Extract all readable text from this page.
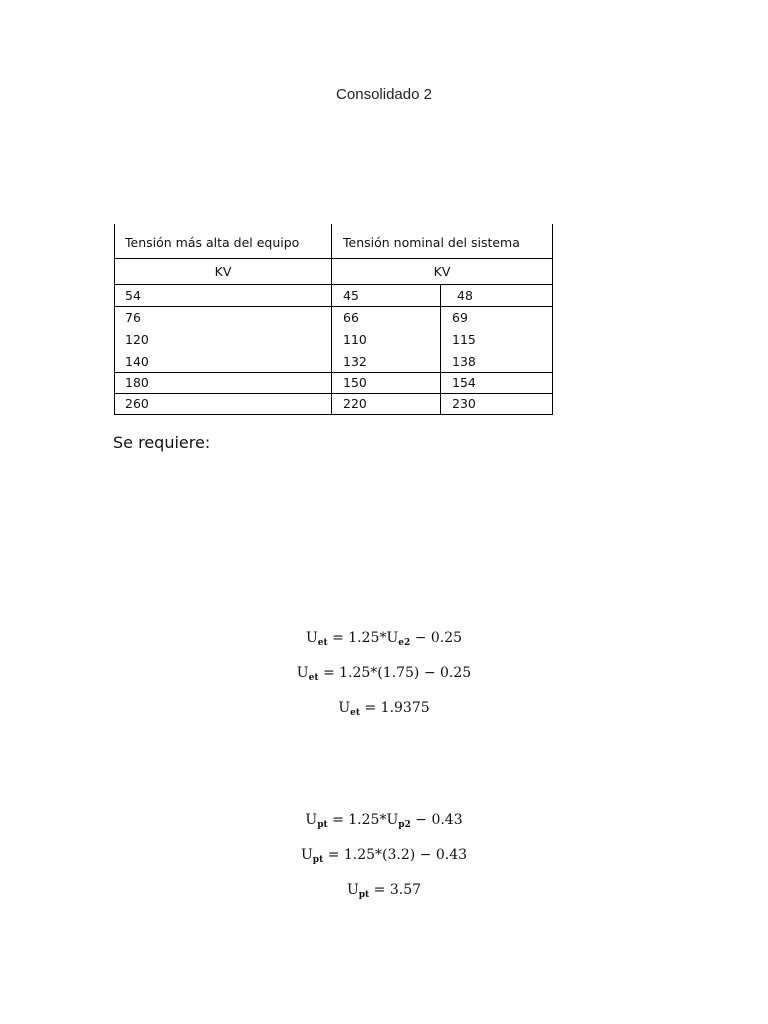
Consolidado 2
Tensión más alta del equipo	Tensión nominal del sistema
KV	KV
54	45	48
76	66	69
120	110	115
140	132	138
180	150	154
260	220	230
Se requiere:
$U_{et} = 1.25*U_{e2} - 0.25$
$U_{et} = 1.25*(1.75) - 0.25$
$U_{et} = 1.9375$
$U_{pt} = 1.25*U_{p2} - 0.43$
$U_{pt} = 1.25*(3.2) - 0.43$
$U_{pt} = 3.57$
